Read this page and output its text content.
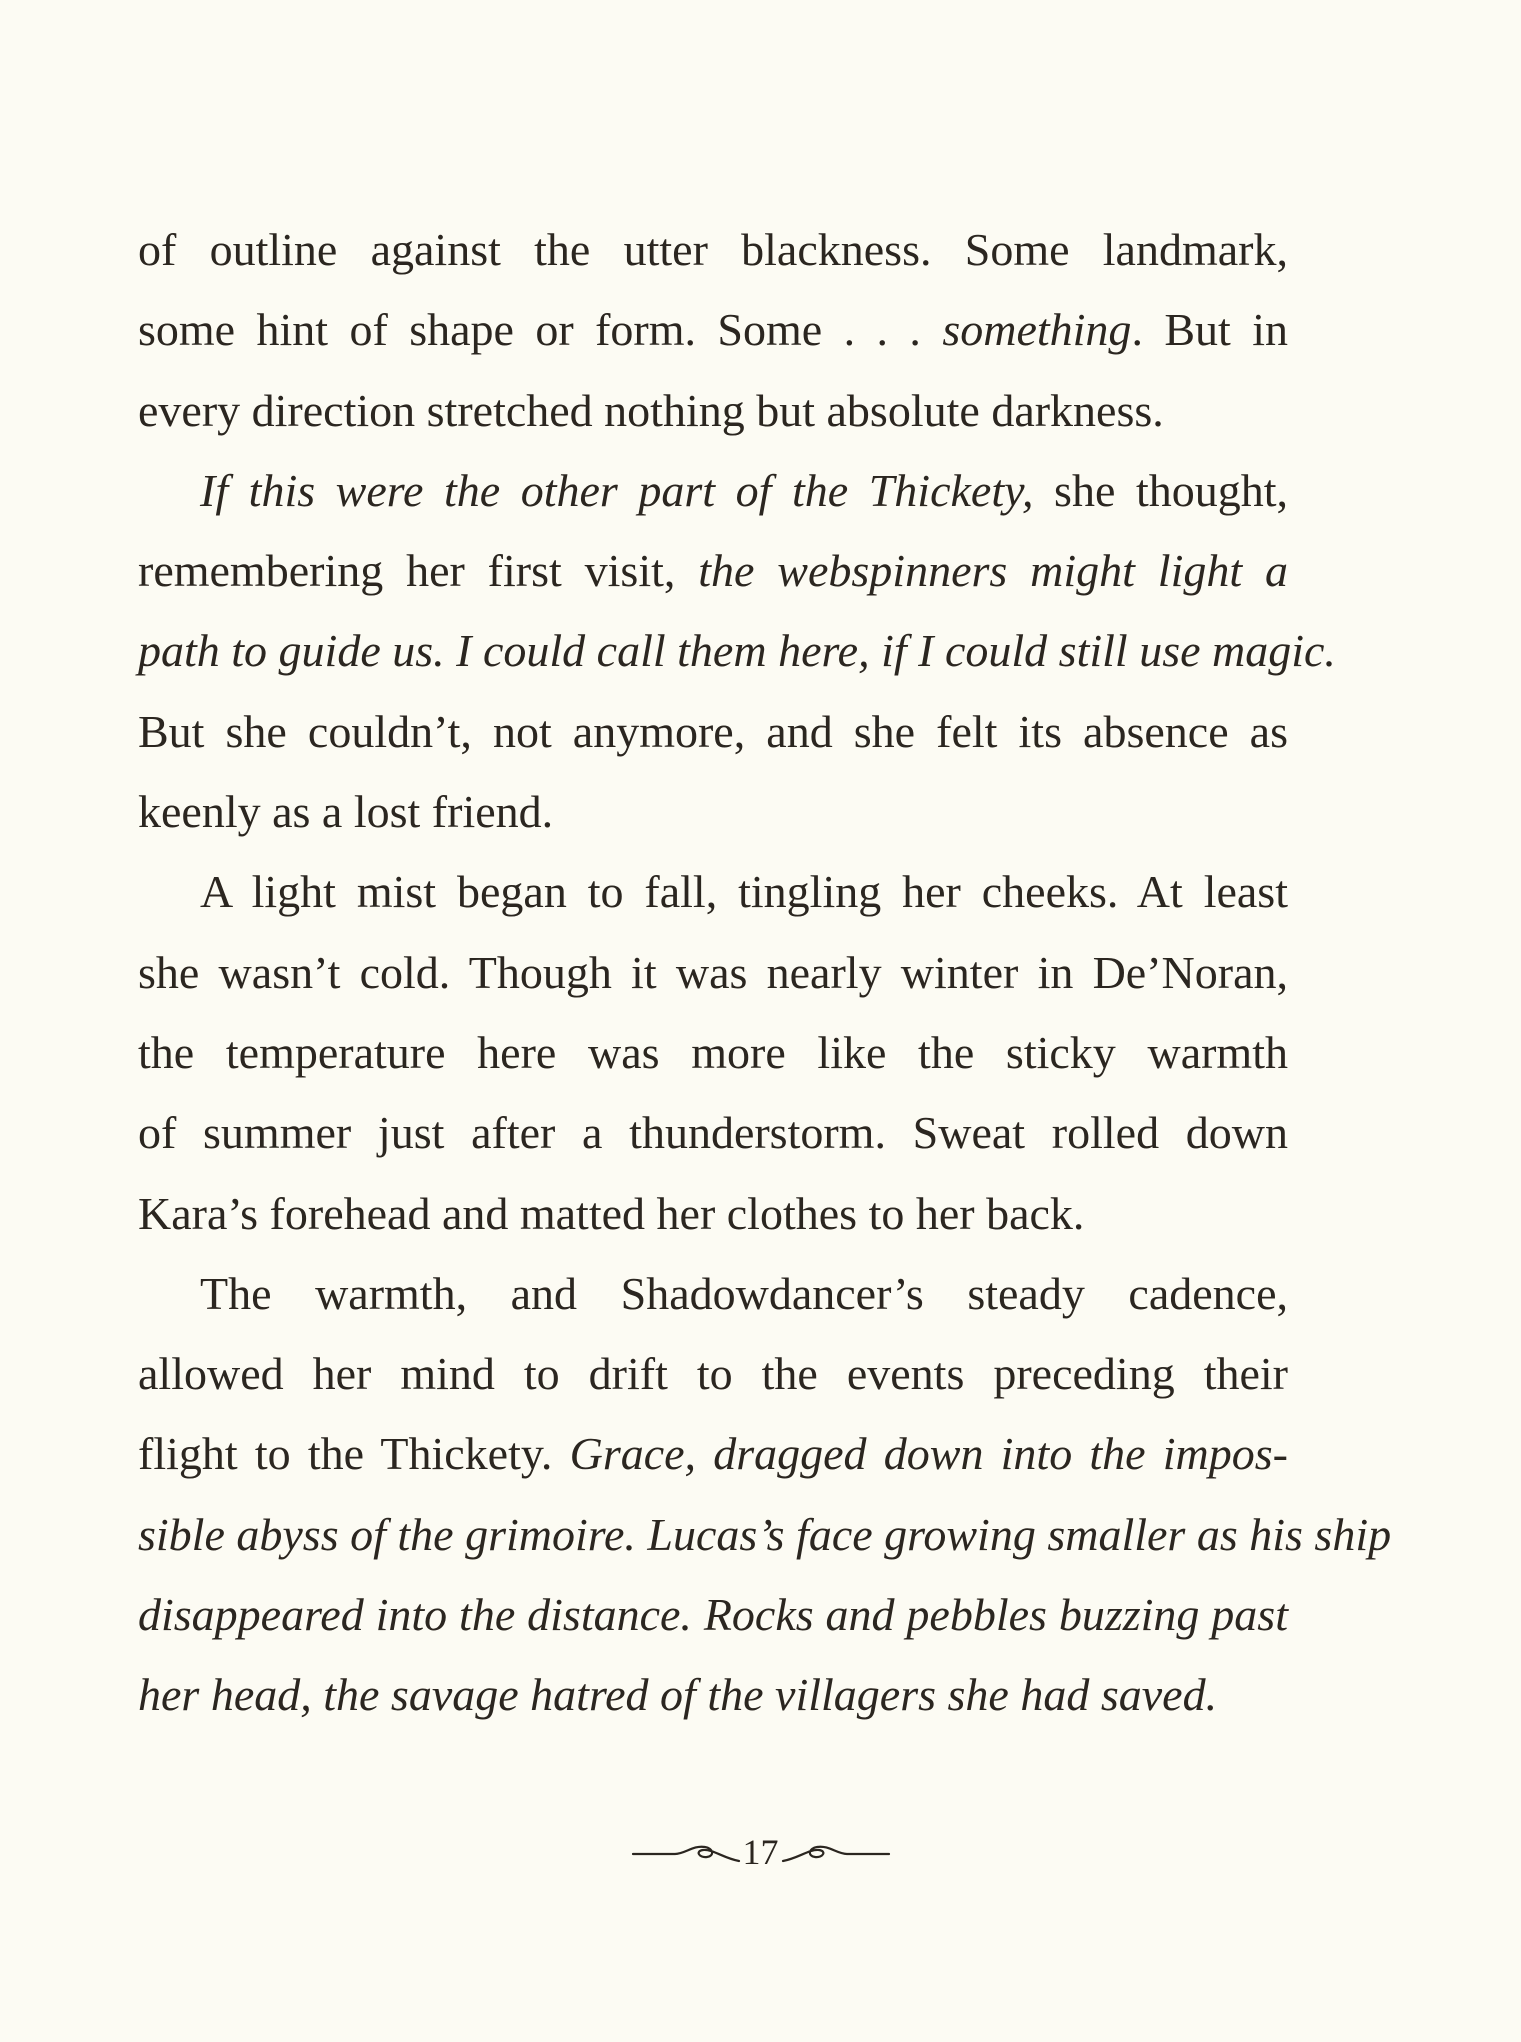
of outline against the utter blackness. Some landmark,
some hint of shape or form. Some . . . something. But in
every direction stretched nothing but absolute darkness.
If this were the other part of the Thickety, she thought,
remembering her first visit, the webspinners might light a
path to guide us. I could call them here, if I could still use magic.
But she couldn’t, not anymore, and she felt its absence as
keenly as a lost friend.
A light mist began to fall, tingling her cheeks. At least
she wasn’t cold. Though it was nearly winter in De’Noran,
the temperature here was more like the sticky warmth
of summer just after a thunderstorm. Sweat rolled down
Kara’s forehead and matted her clothes to her back.
The warmth, and Shadowdancer’s steady cadence,
allowed her mind to drift to the events preceding their
flight to the Thickety. Grace, dragged down into the impos-
sible abyss of the grimoire. Lucas’s face growing smaller as his ship
disappeared into the distance. Rocks and pebbles buzzing past
her head, the savage hatred of the villagers she had saved.
17
